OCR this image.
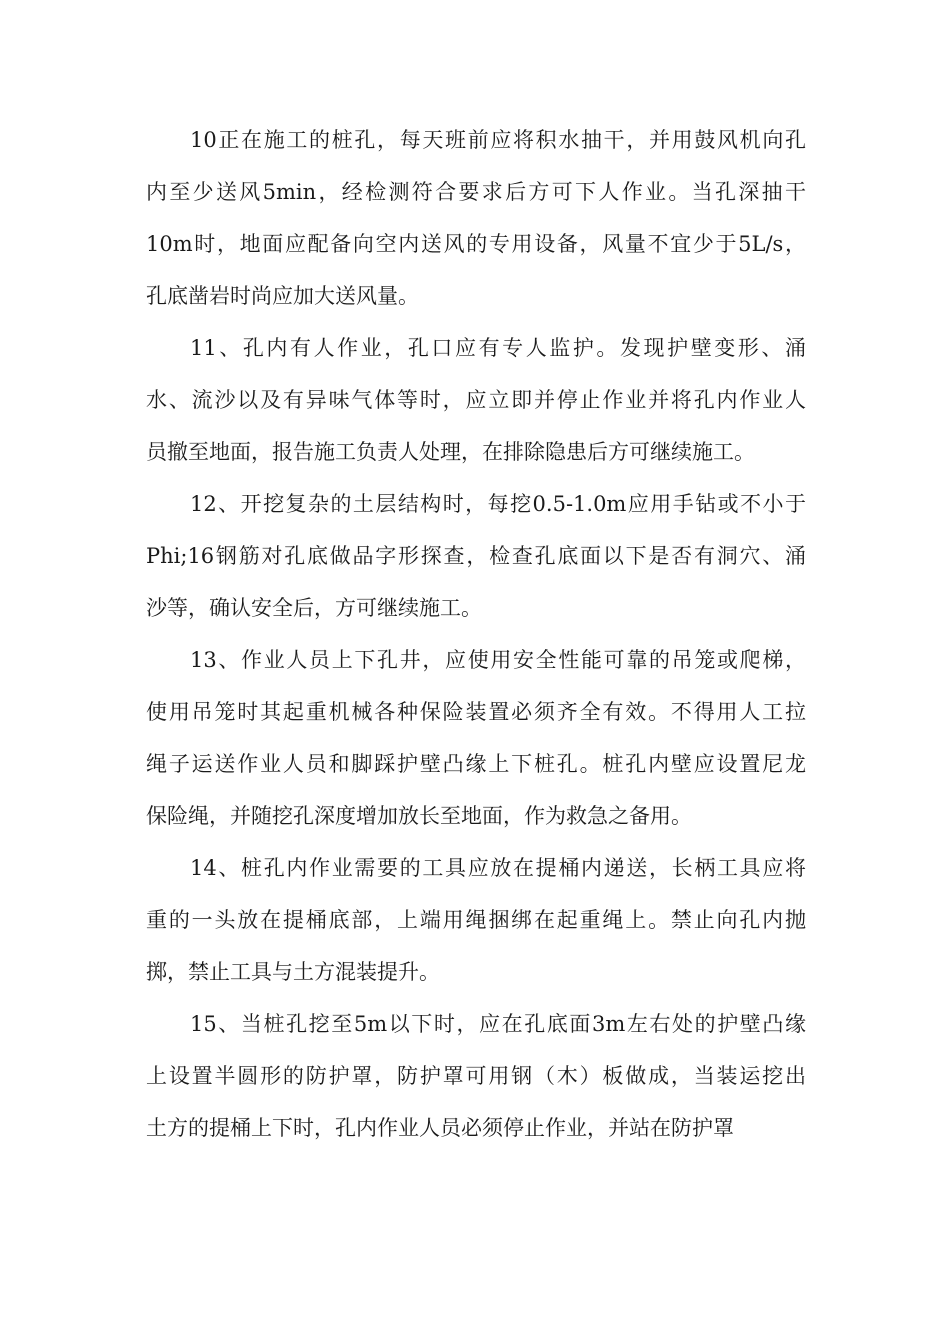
10正在施工的桩孔，每天班前应将积水抽干，并用鼓风机向孔
内至少送风5min，经检测符合要求后方可下人作业。当孔深抽干
10m时，地面应配备向空内送风的专用设备，风量不宜少于5L/s，
孔底凿岩时尚应加大送风量。
11、孔内有人作业，孔口应有专人监护。发现护壁变形、涌
水、流沙以及有异味气体等时，应立即并停止作业并将孔内作业人
员撤至地面，报告施工负责人处理，在排除隐患后方可继续施工。
12、开挖复杂的土层结构时，每挖0.5-1.0m应用手钻或不小于
Phi;16钢筋对孔底做品字形探查，检查孔底面以下是否有洞穴、涌
沙等，确认安全后，方可继续施工。
13、作业人员上下孔井，应使用安全性能可靠的吊笼或爬梯，
使用吊笼时其起重机械各种保险装置必须齐全有效。不得用人工拉
绳子运送作业人员和脚踩护壁凸缘上下桩孔。桩孔内壁应设置尼龙
保险绳，并随挖孔深度增加放长至地面，作为救急之备用。
14、桩孔内作业需要的工具应放在提桶内递送，长柄工具应将
重的一头放在提桶底部，上端用绳捆绑在起重绳上。禁止向孔内抛
掷，禁止工具与土方混装提升。
15、当桩孔挖至5m以下时，应在孔底面3m左右处的护壁凸缘
上设置半圆形的防护罩，防护罩可用钢（木）板做成，当装运挖出
土方的提桶上下时，孔内作业人员必须停止作业，并站在防护罩
